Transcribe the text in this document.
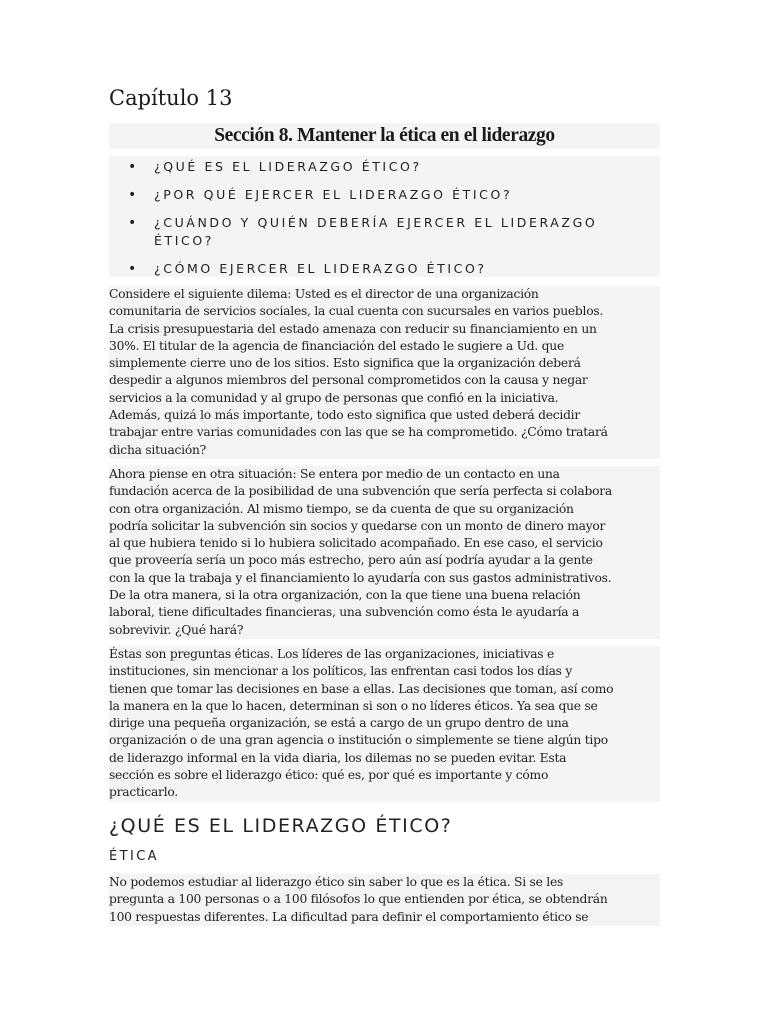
Capítulo 13
Sección 8. Mantener la ética en el liderazgo
• ¿QUÉ ES EL LIDERAZGO ÉTICO?
• ¿POR QUÉ EJERCER EL LIDERAZGO ÉTICO?
• ¿CUÁNDO Y QUIÉN DEBERÍA EJERCER EL LIDERAZGO ÉTICO?
• ¿CÓMO EJERCER EL LIDERAZGO ÉTICO?

Considere el siguiente dilema: Usted es el director de una organización
comunitaria de servicios sociales, la cual cuenta con sucursales en varios pueblos.
La crisis presupuestaria del estado amenaza con reducir su financiamiento en un
30%. El titular de la agencia de financiación del estado le sugiere a Ud. que
simplemente cierre uno de los sitios. Esto significa que la organización deberá
despedir a algunos miembros del personal comprometidos con la causa y negar
servicios a la comunidad y al grupo de personas que confió en la iniciativa.
Además, quizá lo más importante, todo esto significa que usted deberá decidir
trabajar entre varias comunidades con las que se ha comprometido. ¿Cómo tratará
dicha situación?

Ahora piense en otra situación: Se entera por medio de un contacto en una
fundación acerca de la posibilidad de una subvención que sería perfecta si colabora
con otra organización. Al mismo tiempo, se da cuenta de que su organización
podría solicitar la subvención sin socios y quedarse con un monto de dinero mayor
al que hubiera tenido si lo hubiera solicitado acompañado. En ese caso, el servicio
que proveería sería un poco más estrecho, pero aún así podría ayudar a la gente
con la que la trabaja y el financiamiento lo ayudaría con sus gastos administrativos.
De la otra manera, si la otra organización, con la que tiene una buena relación
laboral, tiene dificultades financieras, una subvención como ésta le ayudaría a
sobrevivir. ¿Qué hará?

Éstas son preguntas éticas. Los líderes de las organizaciones, iniciativas e
instituciones, sin mencionar a los políticos, las enfrentan casi todos los días y
tienen que tomar las decisiones en base a ellas. Las decisiones que toman, así como
la manera en la que lo hacen, determinan si son o no líderes éticos. Ya sea que se
dirige una pequeña organización, se está a cargo de un grupo dentro de una
organización o de una gran agencia o institución o simplemente se tiene algún tipo
de liderazgo informal en la vida diaria, los dilemas no se pueden evitar. Esta
sección es sobre el liderazgo ético: qué es, por qué es importante y cómo
practicarlo.

¿QUÉ ES EL LIDERAZGO ÉTICO?
ÉTICA

No podemos estudiar al liderazgo ético sin saber lo que es la ética. Si se les
pregunta a 100 personas o a 100 filósofos lo que entienden por ética, se obtendrán
100 respuestas diferentes. La dificultad para definir el comportamiento ético se
